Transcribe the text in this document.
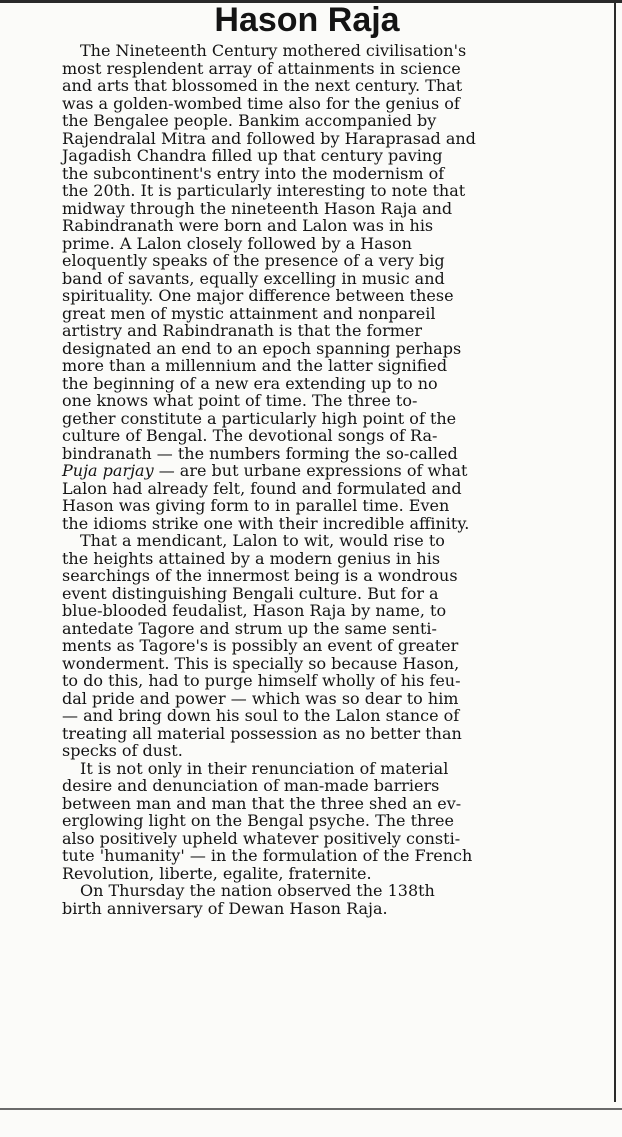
Hason Raja
The Nineteenth Century mothered civilisation's
most resplendent array of attainments in science
and arts that blossomed in the next century. That
was a golden-wombed time also for the genius of
the Bengalee people. Bankim accompanied by
Rajendralal Mitra and followed by Haraprasad and
Jagadish Chandra filled up that century paving
the subcontinent's entry into the modernism of
the 20th. It is particularly interesting to note that
midway through the nineteenth Hason Raja and
Rabindranath were born and Lalon was in his
prime. A Lalon closely followed by a Hason
eloquently speaks of the presence of a very big
band of savants, equally excelling in music and
spirituality. One major difference between these
great men of mystic attainment and nonpareil
artistry and Rabindranath is that the former
designated an end to an epoch spanning perhaps
more than a millennium and the latter signified
the beginning of a new era extending up to no
one knows what point of time. The three to-
gether constitute a particularly high point of the
culture of Bengal. The devotional songs of Ra-
bindranath — the numbers forming the so-called
Puja parjay — are but urbane expressions of what
Lalon had already felt, found and formulated and
Hason was giving form to in parallel time. Even
the idioms strike one with their incredible affinity.
That a mendicant, Lalon to wit, would rise to
the heights attained by a modern genius in his
searchings of the innermost being is a wondrous
event distinguishing Bengali culture. But for a
blue-blooded feudalist, Hason Raja by name, to
antedate Tagore and strum up the same senti-
ments as Tagore's is possibly an event of greater
wonderment. This is specially so because Hason,
to do this, had to purge himself wholly of his feu-
dal pride and power — which was so dear to him
— and bring down his soul to the Lalon stance of
treating all material possession as no better than
specks of dust.
It is not only in their renunciation of material
desire and denunciation of man-made barriers
between man and man that the three shed an ev-
erglowing light on the Bengal psyche. The three
also positively upheld whatever positively consti-
tute 'humanity' — in the formulation of the French
Revolution, liberte, egalite, fraternite.
On Thursday the nation observed the 138th
birth anniversary of Dewan Hason Raja.
